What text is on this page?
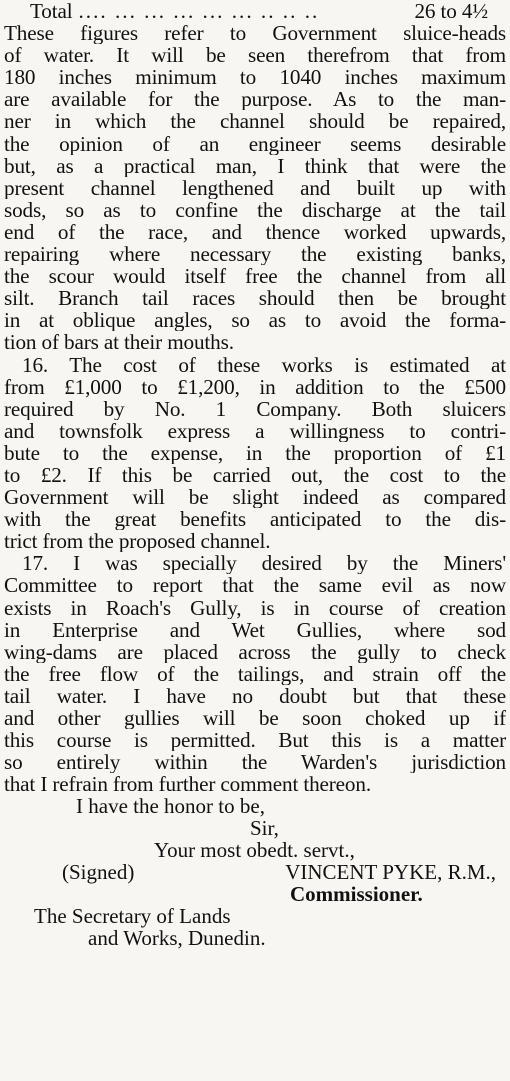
Total .... ... ... ... ... ... .. .. ..	26 to 4½
These figures refer to Government sluice-heads
of water. It will be seen therefrom that from
180 inches minimum to 1040 inches maximum
are available for the purpose. As to the man-
ner in which the channel should be repaired,
the opinion of an engineer seems desirable
but, as a practical man, I think that were the
present channel lengthened and built up with
sods, so as to confine the discharge at the tail
end of the race, and thence worked upwards,
repairing where necessary the existing banks,
the scour would itself free the channel from all
silt. Branch tail races should then be brought
in at oblique angles, so as to avoid the forma-
tion of bars at their mouths.
16. The cost of these works is estimated at
from £1,000 to £1,200, in addition to the £500
required by No. 1 Company. Both sluicers
and townsfolk express a willingness to contri-
bute to the expense, in the proportion of £1
to £2. If this be carried out, the cost to the
Government will be slight indeed as compared
with the great benefits anticipated to the dis-
trict from the proposed channel.
17. I was specially desired by the Miners'
Committee to report that the same evil as now
exists in Roach's Gully, is in course of creation
in Enterprise and Wet Gullies, where sod
wing-dams are placed across the gully to check
the free flow of the tailings, and strain off the
tail water. I have no doubt but that these
and other gullies will be soon choked up if
this course is permitted. But this is a matter
so entirely within the Warden's jurisdiction
that I refrain from further comment thereon.
I have the honor to be,
Sir,
Your most obedt. servt.,
(Signed)	VINCENT PYKE, R.M.,
Commissioner.
The Secretary of Lands
and Works, Dunedin.
